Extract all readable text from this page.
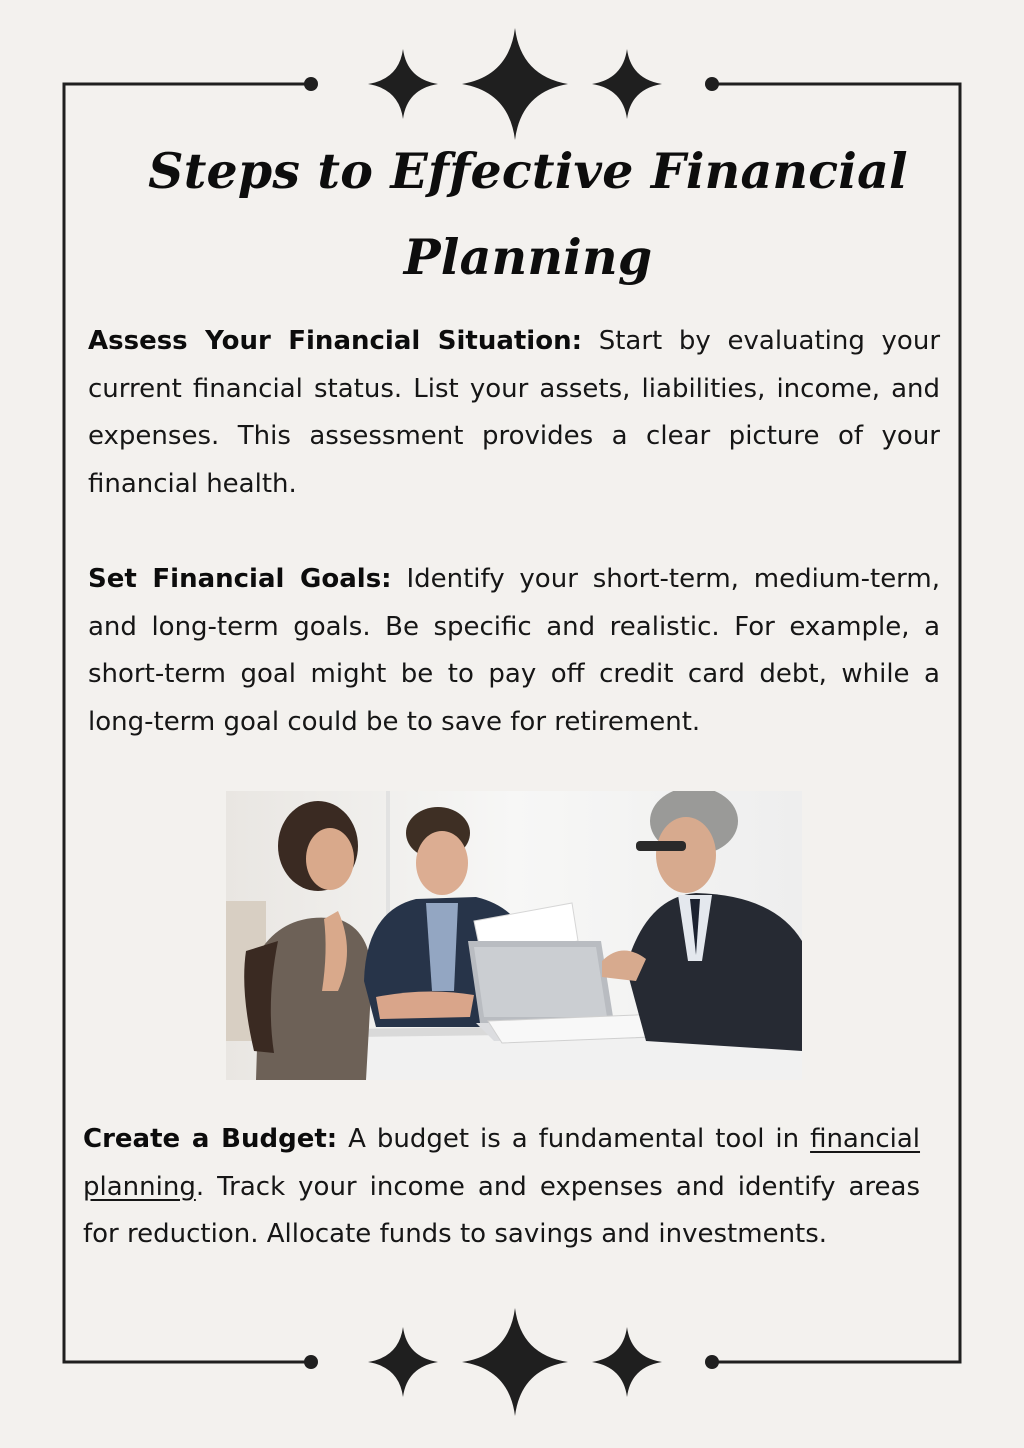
Steps to Effective Financial Planning

Assess Your Financial Situation: Start by evaluating your current financial status. List your assets, liabilities, income, and expenses. This assessment provides a clear picture of your financial health.

Set Financial Goals: Identify your short-term, medium-term, and long-term goals. Be specific and realistic. For example, a short-term goal might be to pay off credit card debt, while a long-term goal could be to save for retirement.

Create a Budget: A budget is a fundamental tool in financial planning. Track your income and expenses and identify areas for reduction. Allocate funds to savings and investments.
